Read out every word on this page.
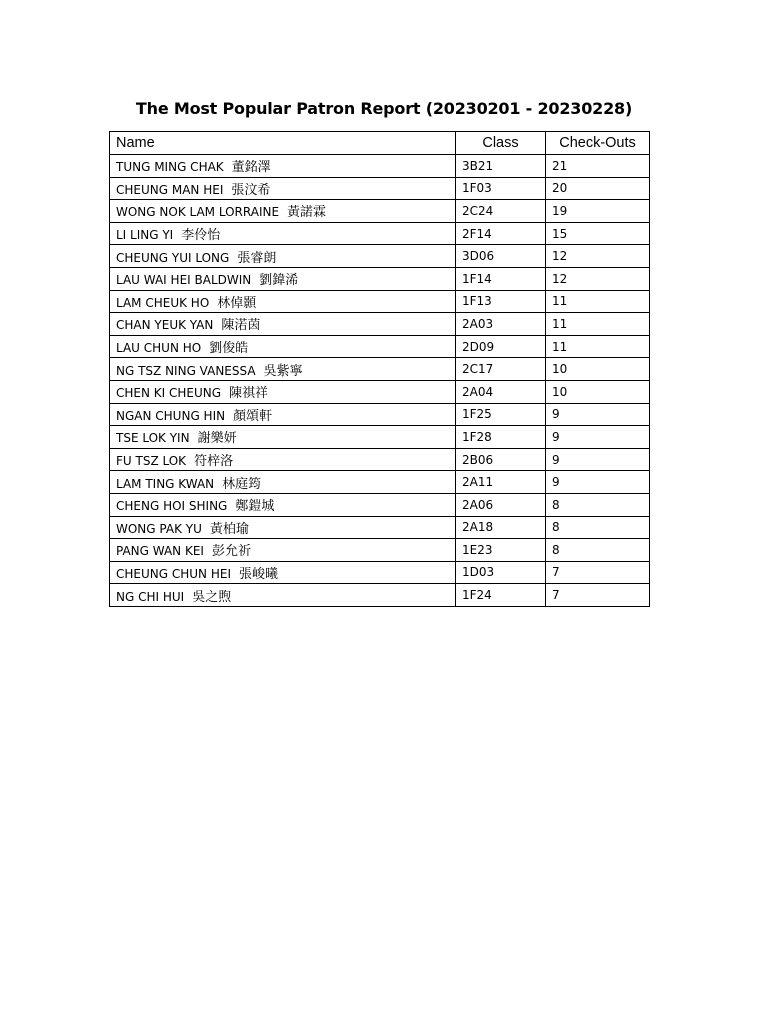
The Most Popular Patron Report (20230201 - 20230228)
Name	Class	Check-Outs
TUNG MING CHAK 董銘澤	3B21	21
CHEUNG MAN HEI 張汶希	1F03	20
WONG NOK LAM LORRAINE 黃諾霖	2C24	19
LI LING YI 李伶怡	2F14	15
CHEUNG YUI LONG 張睿朗	3D06	12
LAU WAI HEI BALDWIN 劉鍏浠	1F14	12
LAM CHEUK HO 林倬顥	1F13	11
CHAN YEUK YAN 陳渃茵	2A03	11
LAU CHUN HO 劉俊皓	2D09	11
NG TSZ NING VANESSA 吳紫寧	2C17	10
CHEN KI CHEUNG 陳祺祥	2A04	10
NGAN CHUNG HIN 顏頌軒	1F25	9
TSE LOK YIN 謝樂妍	1F28	9
FU TSZ LOK 符梓洛	2B06	9
LAM TING KWAN 林庭筠	2A11	9
CHENG HOI SHING 鄭鎧城	2A06	8
WONG PAK YU 黃柏瑜	2A18	8
PANG WAN KEI 彭允祈	1E23	8
CHEUNG CHUN HEI 張峻曦	1D03	7
NG CHI HUI 吳之煦	1F24	7
